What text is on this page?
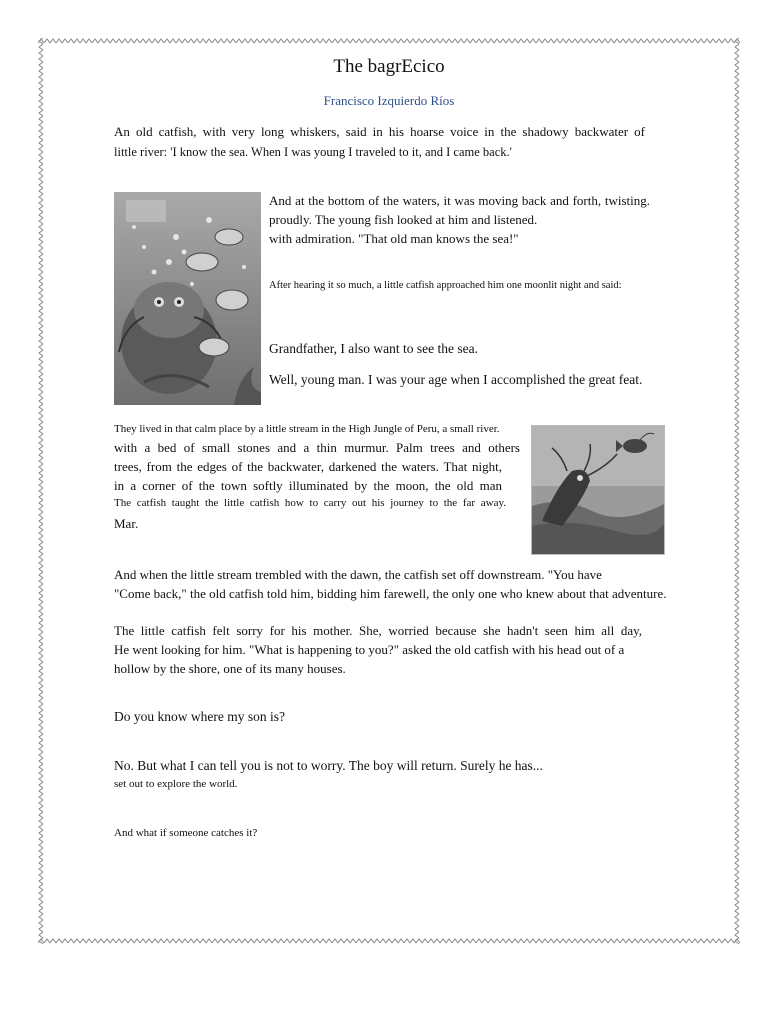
The bagrEcico
Francisco Izquierdo Ríos
An old catfish, with very long whiskers, said in his hoarse voice in the shadowy backwater of
little river: 'I know the sea. When I was young I traveled to it, and I came back.'
And at the bottom of the waters, it was moving back and forth, twisting.
proudly. The young fish looked at him and listened.
with admiration. "That old man knows the sea!"
After hearing it so much, a little catfish approached him one moonlit night and said:
Grandfather, I also want to see the sea.
Well, young man. I was your age when I accomplished the great feat.
They lived in that calm place by a little stream in the High Jungle of Peru, a small river.
with a bed of small stones and a thin murmur. Palm trees and others
trees, from the edges of the backwater, darkened the waters. That night,
in a corner of the town softly illuminated by the moon, the old man
The catfish taught the little catfish how to carry out his journey to the far away.
Mar.
And when the little stream trembled with the dawn, the catfish set off downstream. "You have
"Come back," the old catfish told him, bidding him farewell, the only one who knew about that adventure.
The little catfish felt sorry for his mother. She, worried because she hadn't seen him all day,
He went looking for him. "What is happening to you?" asked the old catfish with his head out of a
hollow by the shore, one of its many houses.
Do you know where my son is?
No. But what I can tell you is not to worry. The boy will return. Surely he has...
set out to explore the world.
And what if someone catches it?
